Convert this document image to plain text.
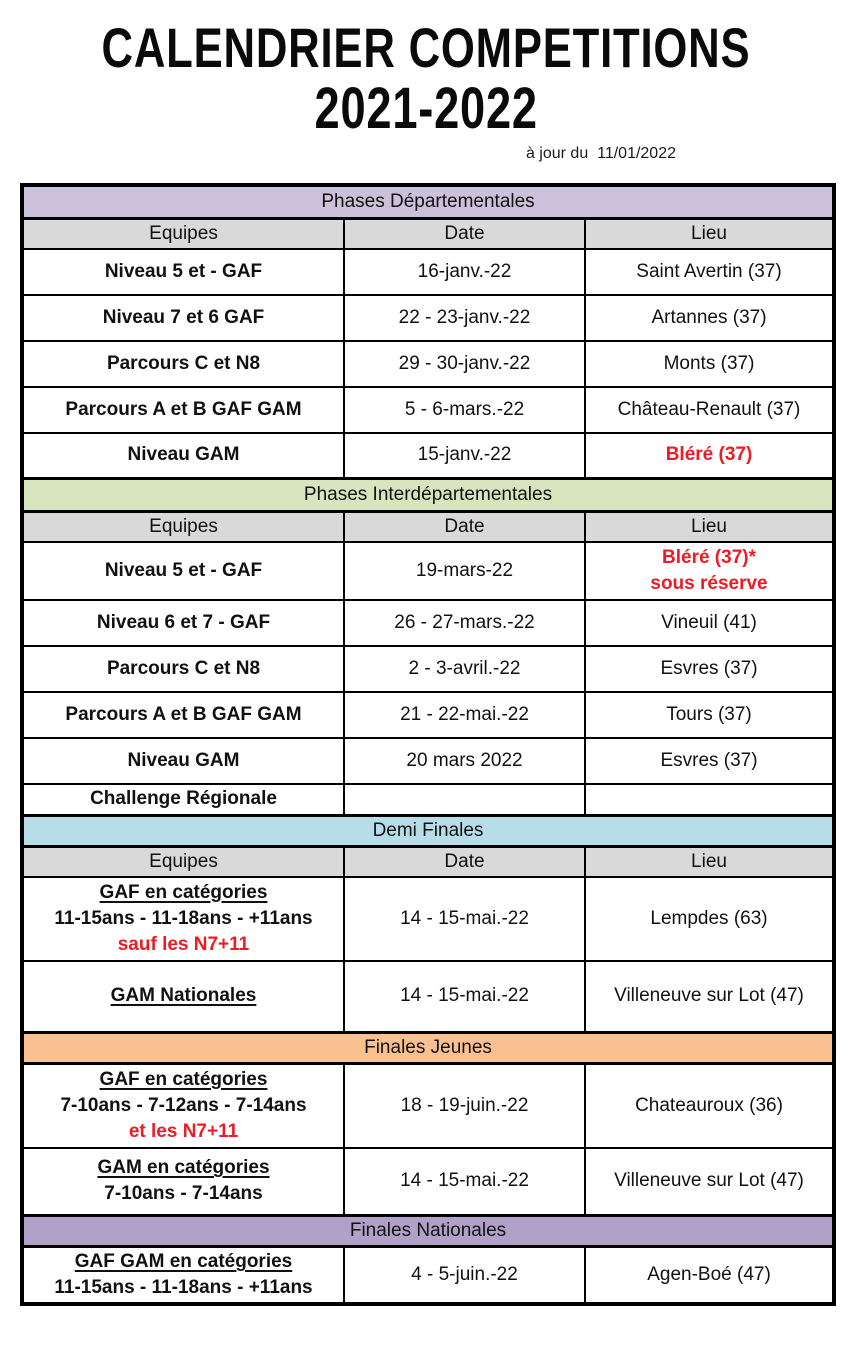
CALENDRIER COMPETITIONS
2021-2022
à jour du  11/01/2022
Phases Départementales		
Equipes	Date	Lieu
Niveau 5 et - GAF	16-janv.-22	Saint Avertin (37)
Niveau 7 et 6 GAF	22 - 23-janv.-22	Artannes (37)
Parcours C et N8	29 - 30-janv.-22	Monts (37)
Parcours A et B GAF GAM	5 - 6-mars.-22	Château-Renault (37)
Niveau GAM	15-janv.-22	Bléré (37)
Phases Interdépartementales		
Equipes	Date	Lieu
Niveau 5 et - GAF	19-mars-22	Bléré (37)*
sous réserve

Niveau 6 et 7 - GAF	26 - 27-mars.-22	Vineuil (41)
Parcours C et N8	2 - 3-avril.-22	Esvres (37)
Parcours A et B GAF GAM	21 - 22-mai.-22	Tours (37)
Niveau GAM	20 mars 2022	Esvres (37)
Challenge Régionale		
Demi Finales		
Equipes	Date	Lieu

GAF en catégories
11-15ans - 11-18ans - +11ans
sauf les N7+11	14 - 15-mai.-22	Lempdes (63)

GAM Nationales	14 - 15-mai.-22	Villeneuve sur Lot (47)
Finales Jeunes		

GAF en catégories
7-10ans - 7-12ans - 7-14ans
et les N7+11	18 - 19-juin.-22	Chateauroux (36)

GAM en catégories
7-10ans - 7-14ans	14 - 15-mai.-22	Villeneuve sur Lot (47)
Finales Nationales		

GAF GAM en catégories
11-15ans - 11-18ans - +11ans	4 - 5-juin.-22	Agen-Boé (47)
